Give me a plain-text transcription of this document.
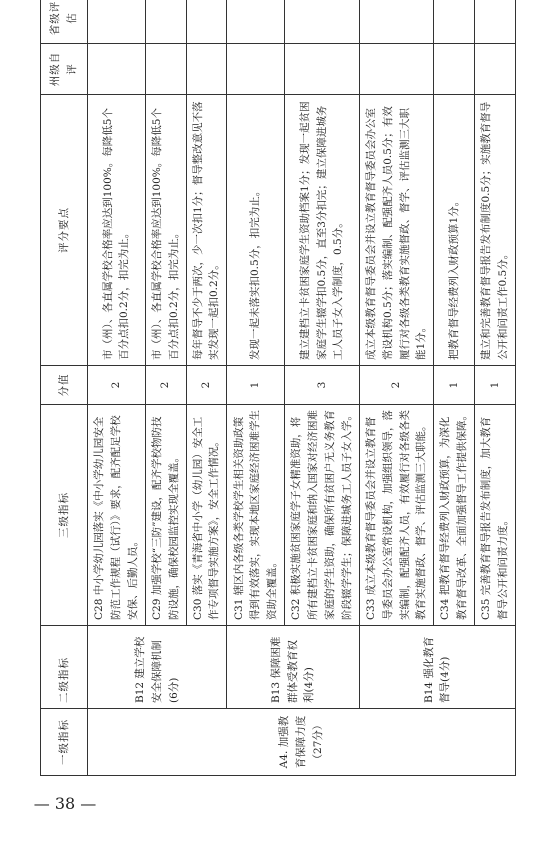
— 38 —
一级指标	二级指标	三级指标	分值	评分要点	州级自评	省级评估
A4. 加强教育保障力度（27分）	B12 建立学校安全保障机制(6分)	C28 中小学幼儿园落实《中小学幼儿园安全防范工作规程（试行）》要求，配齐配足学校安保、后勤人员。	2	市（州）、各直属学校合格率应达到100%。每降低5个百分点扣0.2分，扣完为止。		
		C29 加强学校“三防”建设，配齐学校物防技防设施，确保校园监控实现全覆盖。	2	市（州）、各直属学校合格率应达到100%。每降低5个百分点扣0.2分，扣完为止。		
		C30 落实《青海省中小学（幼儿园）安全工作专项督导实施方案》，安全工作情况。	2	每年督导不少于两次，少一次扣1分；督导整改意见不落实发现一起扣0.2分。		
	B13 保障困难群体受教育权利(4分)	C31 辖区内各级各类学校学生相关资助政策得到有效落实，实现本地区家庭经济困难学生资助全覆盖。	1	发现一起未落实扣0.5分，扣完为止。		
		C32 积极实施贫困家庭学子女精准资助，将所有建档立卡贫困家庭和纳入国家对经济困难家庭的学生资助，确保所有贫困户无义务教育阶段辍学学生；保障进城务工人员子女入学。	3	建立建档立卡贫困家庭学生资助档案1分；发现一起贫困家庭学生辍学扣0.5分，直至3分扣完；建立保障进城务工人员子女入学制度，0.5分。		
	B14 强化教育督导(4分)	C33 成立本级教育督导委员会并设立教育督导委员会办公室常设机构，加强组织领导，落实编制，配强配齐人员，有效履行对各级各类教育实施督政、督学、评估监测三大职能。	2	成立本级教育督导委员会并设立教育督导委员会办公室常设机构0.5分；落实编制、配强配齐人员0.5分；有效履行对各级各类教育实施督政、督学、评估监测三大职能1分。		
		C34 把教育督导经费列入财政预算，为深化教育督导改革、全面加强督导工作提供保障。	1	把教育督导经费列入财政预算1分。		
		C35 完善教育督导报告发布制度，加大教育督导公开和问责力度。	1	建立和完善教育督导报告发布制度0.5分；实施教育督导公开和问责工作0.5分。		
